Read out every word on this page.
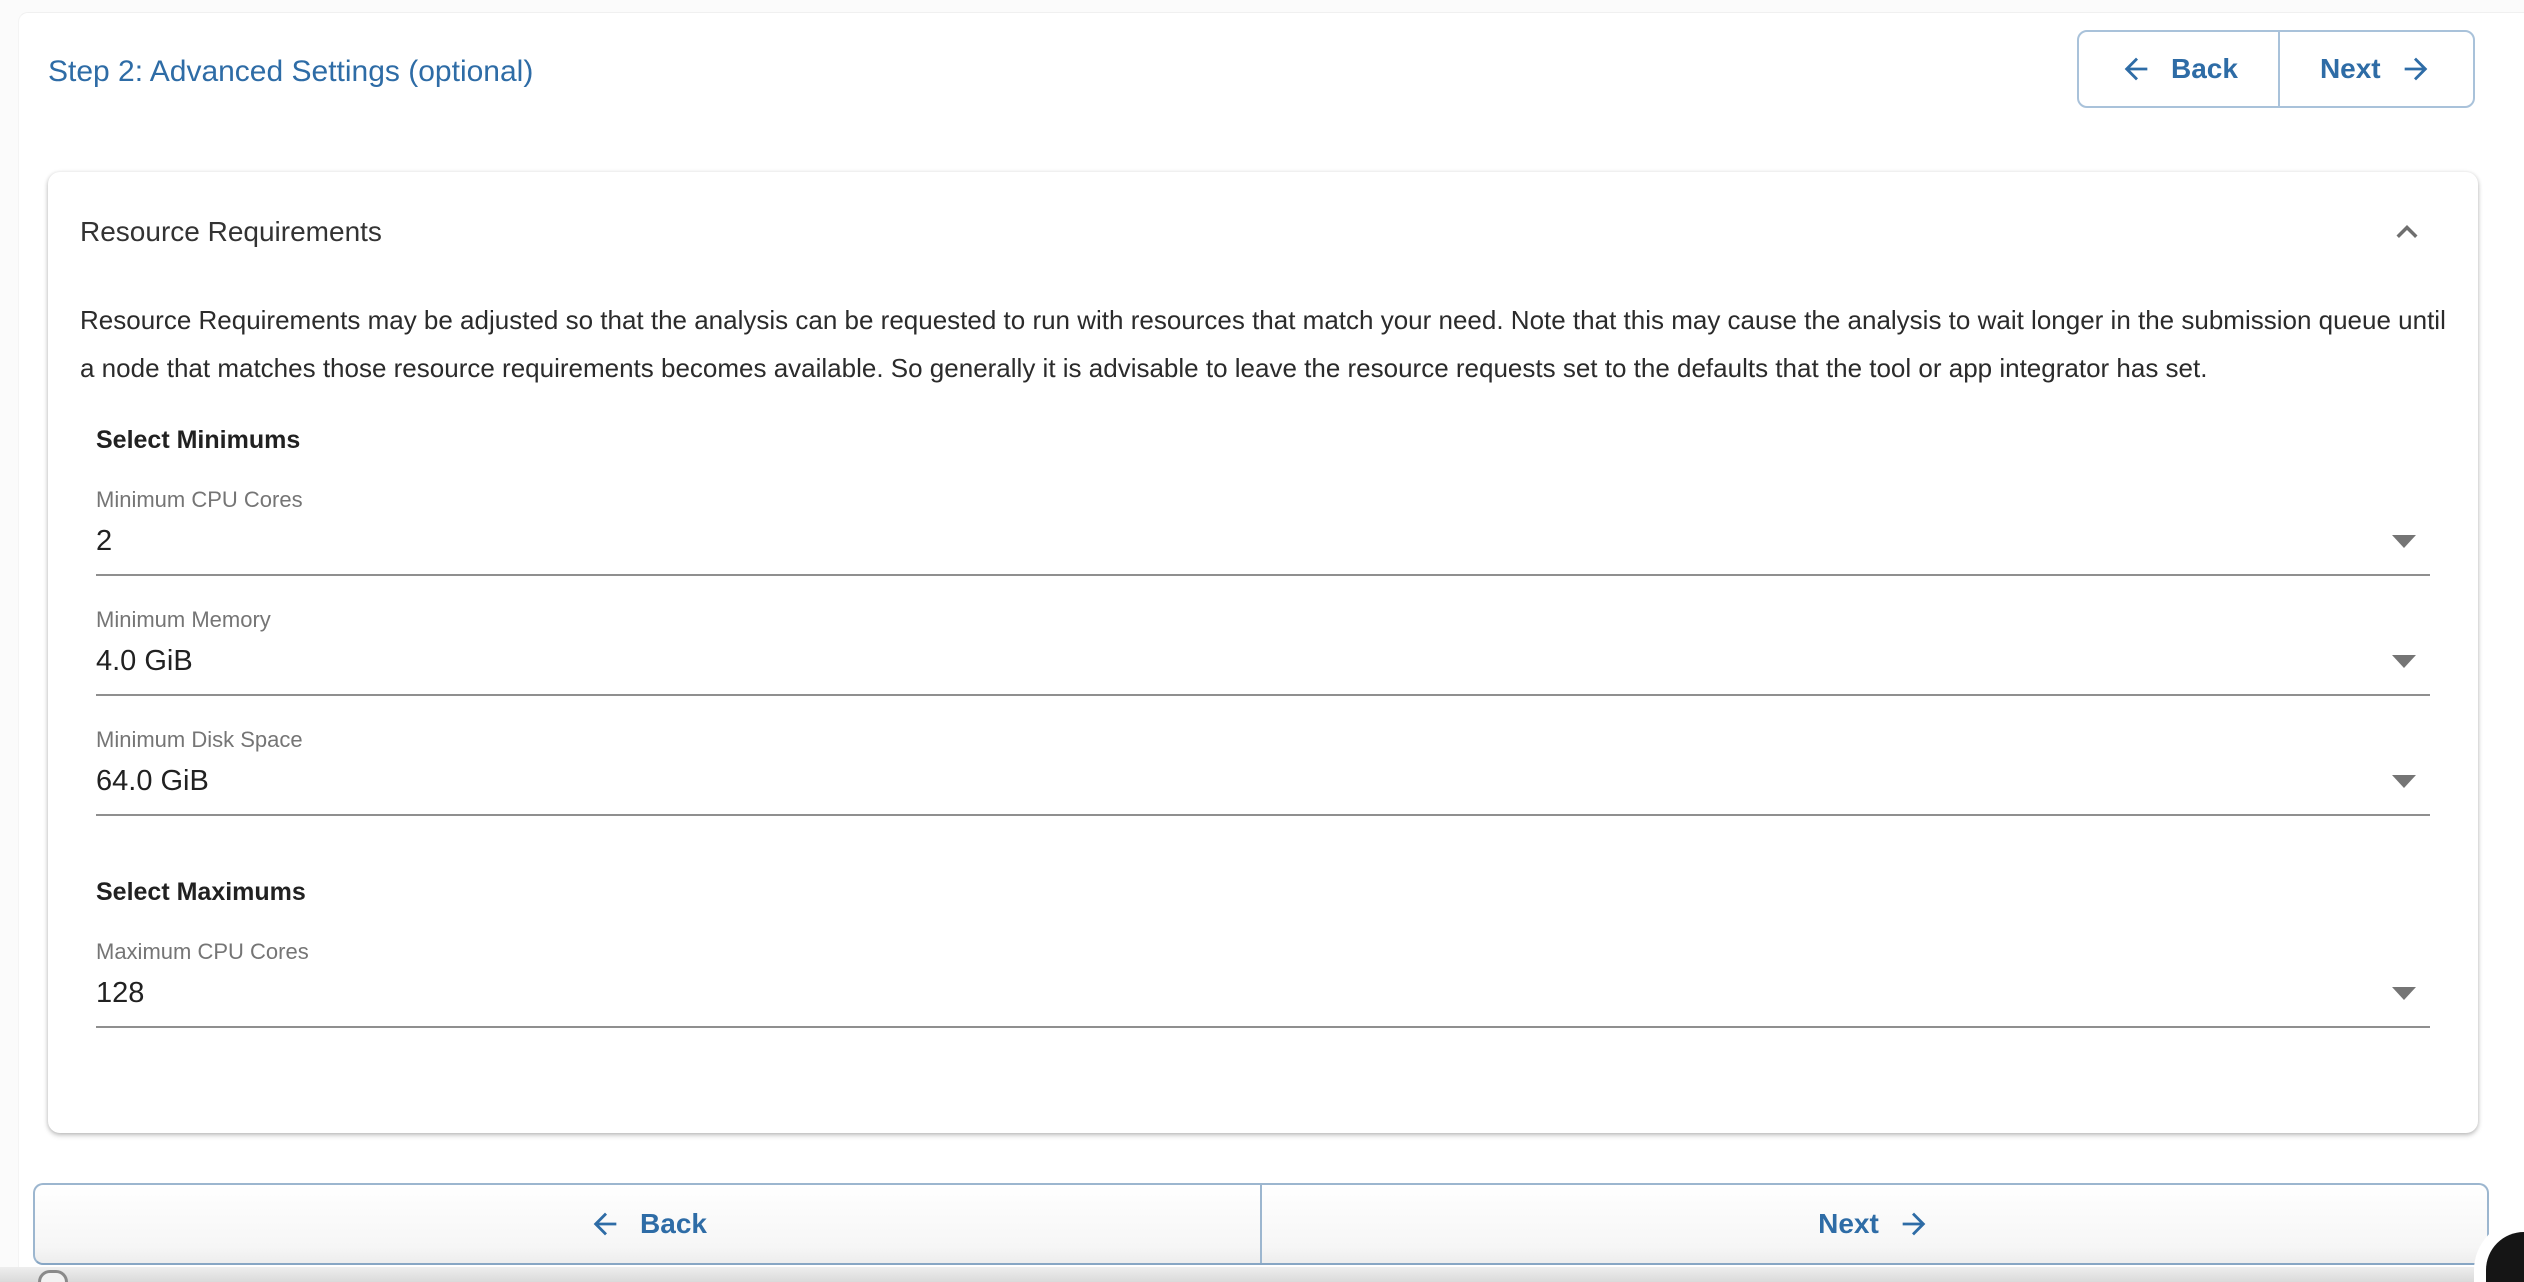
Step 2: Advanced Settings (optional)	Back	Next
Resource Requirements

Resource Requirements may be adjusted so that the analysis can be requested to run with resources that match your need. Note that this may cause the analysis to wait longer in the submission queue until a node that matches those resource requirements becomes available. So generally it is advisable to leave the resource requests set to the defaults that the tool or app integrator has set.

Select Minimums
Minimum CPU Cores
2
Minimum Memory
4.0 GiB
Minimum Disk Space
64.0 GiB
Select Maximums
Maximum CPU Cores
128
Back	Next
